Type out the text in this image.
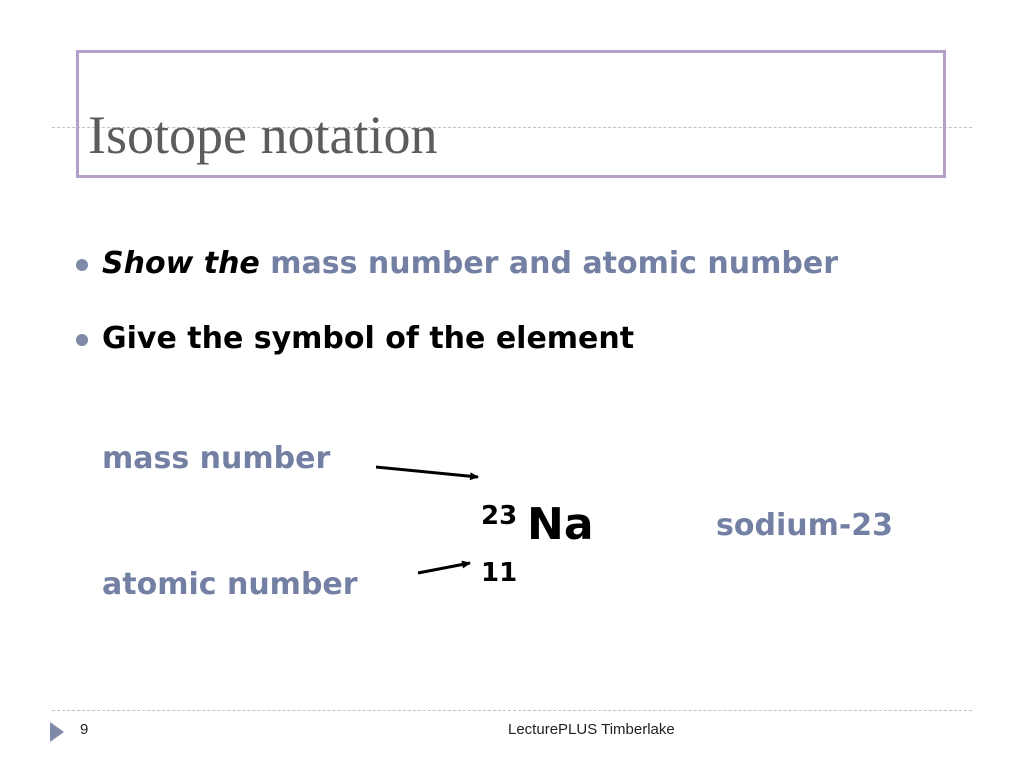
Isotope notation
Show the mass number and atomic number
Give the symbol of the element
mass number
atomic number
23 Na
11
sodium-23
9	LecturePLUS Timberlake
